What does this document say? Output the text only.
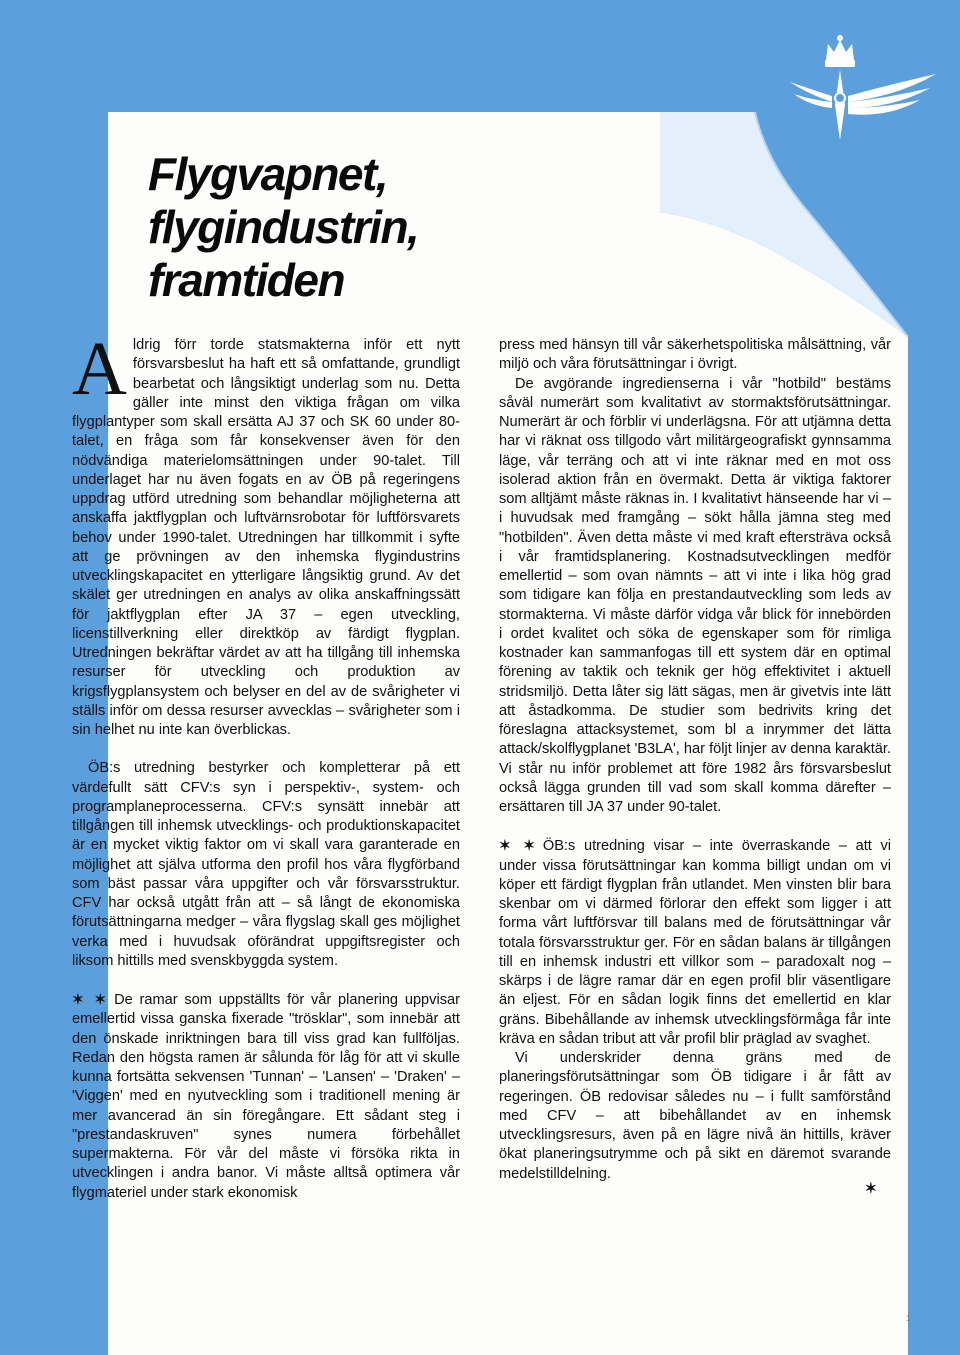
Flygvapnet,
flygindustrin,
framtiden

Aldrig förr torde statsmakterna inför ett nytt försvarsbeslut ha haft ett så omfattande, grundligt bearbetat och långsiktigt underlag som nu. Detta gäller inte minst den viktiga frågan om vilka flygplantyper som skall ersätta AJ 37 och SK 60 under 80-talet, en fråga som får konsekvenser även för den nödvändiga materielomsättningen under 90-talet. Till underlaget har nu även fogats en av ÖB på regeringens uppdrag utförd utredning som behandlar möjligheterna att anskaffa jaktflygplan och luftvärnsrobotar för luftförsvarets behov under 1990-talet. Utredningen har tillkommit i syfte att ge prövningen av den inhemska flygindustrins utvecklingskapacitet en ytterligare långsiktig grund. Av det skälet ger utredningen en analys av olika anskaffningssätt för jaktflygplan efter JA 37 – egen utveckling, licenstillverkning eller direktköp av färdigt flygplan. Utredningen bekräftar värdet av att ha tillgång till inhemska resurser för utveckling och produktion av krigsflygplansystem och belyser en del av de svårigheter vi ställs inför om dessa resurser avvecklas – svårigheter som i sin helhet nu inte kan överblickas.

ÖB:s utredning bestyrker och kompletterar på ett värdefullt sätt CFV:s syn i perspektiv-, system- och programplaneprocesserna. CFV:s synsätt innebär att tillgången till inhemsk utvecklings- och produktionskapacitet är en mycket viktig faktor om vi skall vara garanterade en möjlighet att själva utforma den profil hos våra flygförband som bäst passar våra uppgifter och vår försvarsstruktur. CFV har också utgått från att – så långt de ekonomiska förutsättningarna medger – våra flygslag skall ges möjlighet verka med i huvudsak oförändrat uppgiftsregister och liksom hittills med svenskbyggda system.

✶ ✶ De ramar som uppställts för vår planering uppvisar emellertid vissa ganska fixerade "trösklar", som innebär att den önskade inriktningen bara till viss grad kan fullföljas. Redan den högsta ramen är sålunda för låg för att vi skulle kunna fortsätta sekvensen 'Tunnan' – 'Lansen' – 'Draken' – 'Viggen' med en nyutveckling som i traditionell mening är mer avancerad än sin föregångare. Ett sådant steg i "prestandaskruven" synes numera förbehållet supermakterna. För vår del måste vi försöka rikta in utvecklingen i andra banor. Vi måste alltså optimera vår flygmateriel under stark ekonomisk

press med hänsyn till vår säkerhetspolitiska målsättning, vår miljö och våra förutsättningar i övrigt.

De avgörande ingredienserna i vår "hotbild" bestäms såväl numerärt som kvalitativt av stormaktsförutsättningar. Numerärt är och förblir vi underlägsna. För att utjämna detta har vi räknat oss tillgodo vårt militärgeografiskt gynnsamma läge, vår terräng och att vi inte räknar med en mot oss isolerad aktion från en övermakt. Detta är viktiga faktorer som alltjämt måste räknas in. I kvalitativt hänseende har vi – i huvudsak med framgång – sökt hålla jämna steg med "hotbilden". Även detta måste vi med kraft eftersträva också i vår framtidsplanering. Kostnadsutvecklingen medför emellertid – som ovan nämnts – att vi inte i lika hög grad som tidigare kan följa en prestandautveckling som leds av stormakterna. Vi måste därför vidga vår blick för innebörden i ordet kvalitet och söka de egenskaper som för rimliga kostnader kan sammanfogas till ett system där en optimal förening av taktik och teknik ger hög effektivitet i aktuell stridsmiljö. Detta låter sig lätt sägas, men är givetvis inte lätt att åstadkomma. De studier som bedrivits kring det föreslagna attacksystemet, som bl a inrymmer det lätta attack/skolflygplanet 'B3LA', har följt linjer av denna karaktär. Vi står nu inför problemet att före 1982 års försvarsbeslut också lägga grunden till vad som skall komma därefter – ersättaren till JA 37 under 90-talet.

✶ ✶ ÖB:s utredning visar – inte överraskande – att vi under vissa förutsättningar kan komma billigt undan om vi köper ett färdigt flygplan från utlandet. Men vinsten blir bara skenbar om vi därmed förlorar den effekt som ligger i att forma vårt luftförsvar till balans med de förutsättningar vår totala försvarsstruktur ger. För en sådan balans är tillgången till en inhemsk industri ett villkor som – paradoxalt nog – skärps i de lägre ramar där en egen profil blir väsentligare än eljest. För en sådan logik finns det emellertid en klar gräns. Bibehållande av inhemsk utvecklingsförmåga får inte kräva en sådan tribut att vår profil blir präglad av svaghet.

Vi underskrider denna gräns med de planeringsförutsättningar som ÖB tidigare i år fått av regeringen. ÖB redovisar således nu – i fullt samförstånd med CFV – att bibehållandet av en inhemsk utvecklingsresurs, även på en lägre nivå än hittills, kräver ökat planeringsutrymme och på sikt en däremot svarande medelstilldelning.

✶
1
